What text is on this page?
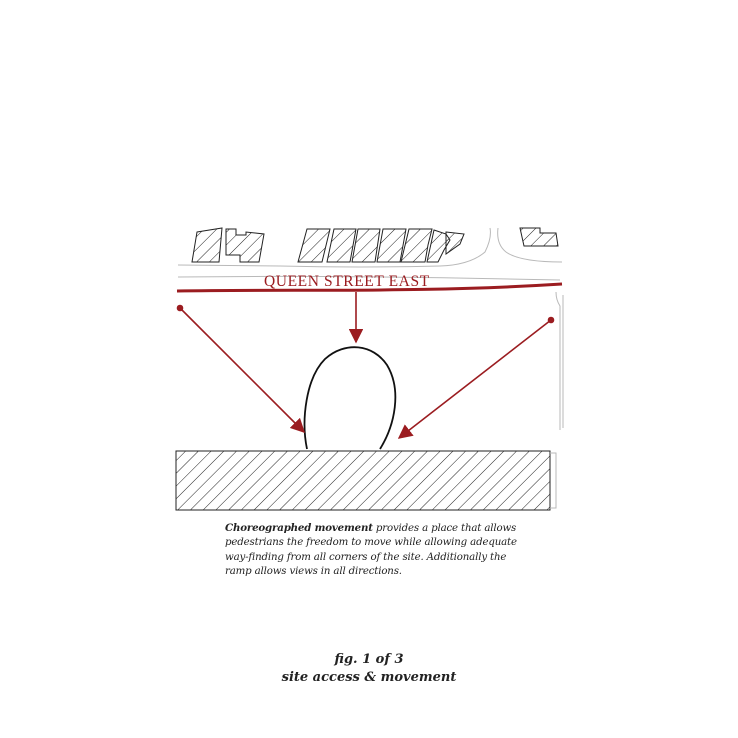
QUEEN STREET EAST
Choreographed movement provides a place that allows pedestrians the freedom to move while allowing adequate way-finding from all corners of the site. Additionally the ramp allows views in all directions.
fig. 1 of 3
site access & movement
